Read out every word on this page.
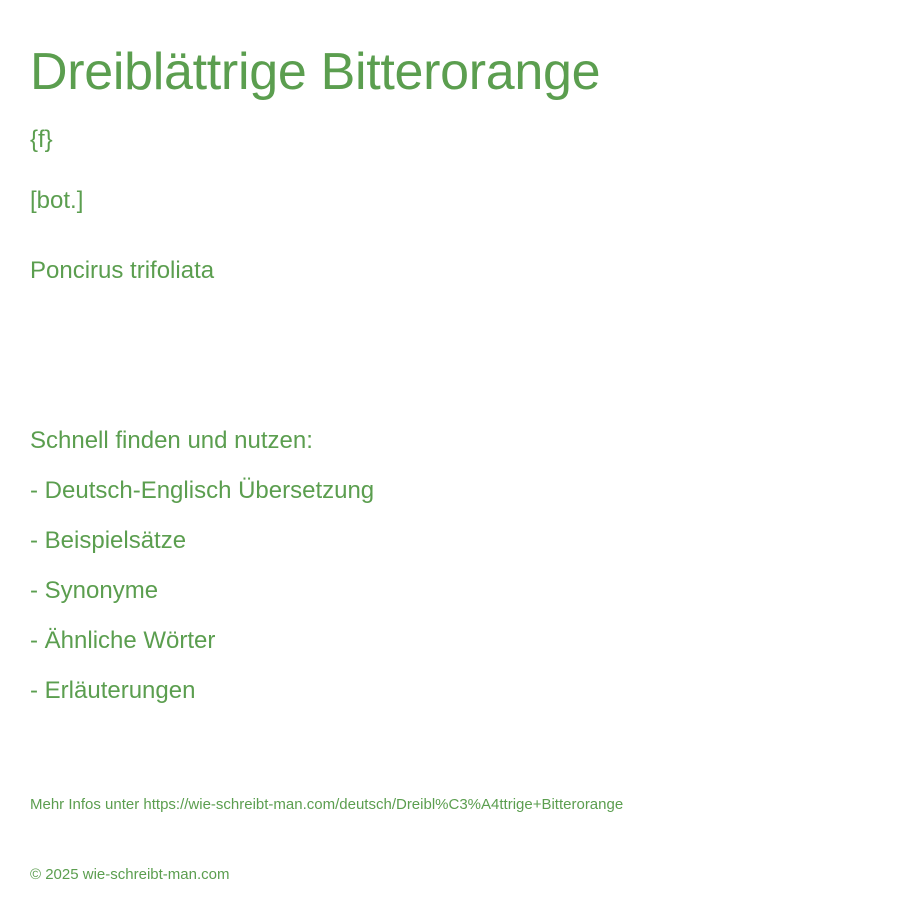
Dreiblättrige Bitterorange
{f}
[bot.]
Poncirus trifoliata
Schnell finden und nutzen:
- Deutsch-Englisch Übersetzung
- Beispielsätze
- Synonyme
- Ähnliche Wörter
- Erläuterungen
Mehr Infos unter https://wie-schreibt-man.com/deutsch/Dreibl%C3%A4ttrige+Bitterorange
© 2025 wie-schreibt-man.com
